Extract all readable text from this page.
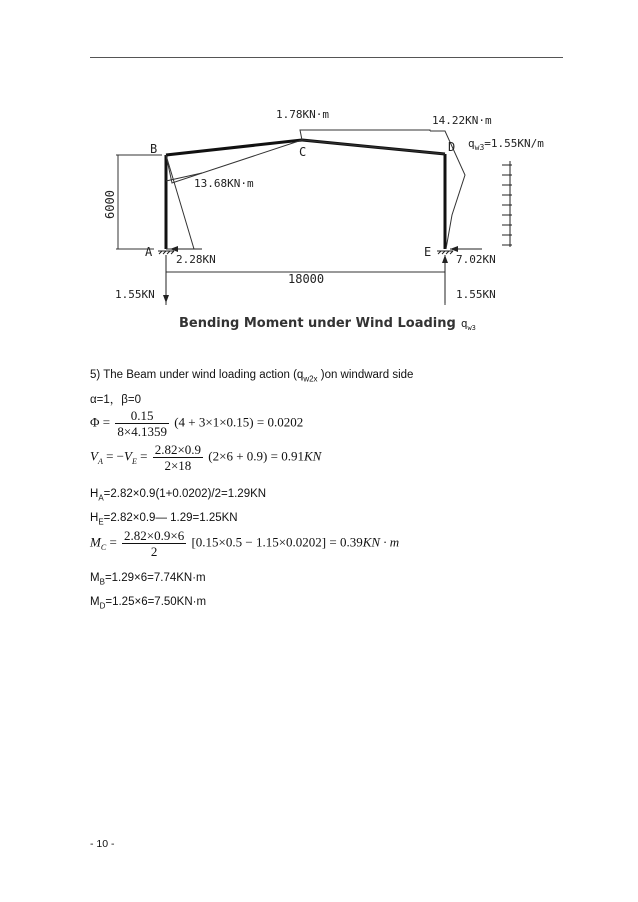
6000
18000
B	C	D
A	E
1.78KN·m	14.22KN·m
13.68KN·m
$q_{w3}=1.55KN/m$
2.28KN	7.02KN
1.55KN	1.55KN
Bending Moment under Wind Loading qw3
5) The Beam under wind loading action ($q_{w2x}$ )on windward side
α=1，β=0
$\Phi = \frac{0.15}{8\times 4.1359} (4 + 3\times 1\times 0.15) = 0.0202$
$V_A = -V_E = \frac{2.82\times 0.9}{2\times 18} (2\times 6 + 0.9) = 0.91KN$
$H_A=2.82\times 0.9(1+0.0202)/2=1.29KN$
$H_E=2.82\times 0.9—$ 1.29=1.25KN
$M_C = \frac{2.82\times 0.9\times 6}{2} [0.15\times 0.5 - 1.15\times 0.0202] = 0.39KN \cdot m$
$M_B=1.29\times 6=7.74KN\cdot m$
$M_D=1.25\times 6=7.50KN\cdot m$
- 10 -
